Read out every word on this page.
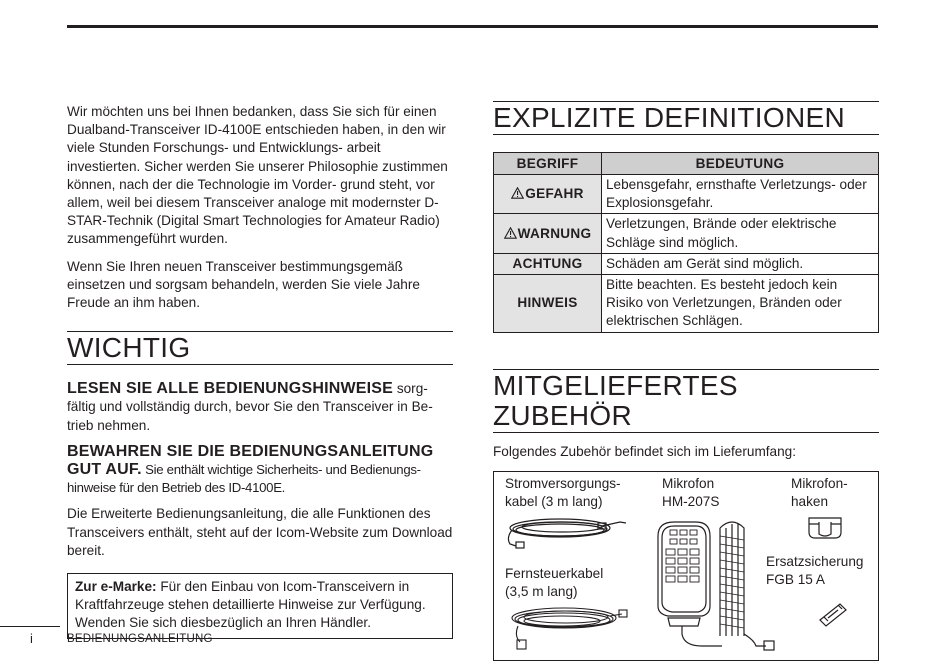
Wir möchten uns bei Ihnen bedanken, dass Sie sich für einen Dualband-Transceiver ID-4100E entschieden haben, in den wir viele Stunden Forschungs- und Entwicklungs- arbeit investierten. Sicher werden Sie unserer Philosophie zustimmen können, nach der die Technologie im Vorder- grund steht, vor allem, weil bei diesem Transceiver analoge mit modernster D-STAR-Technik (Digital Smart Technologies for Amateur Radio) zusammengeführt wurden.

Wenn Sie Ihren neuen Transceiver bestimmungsgemäß einsetzen und sorgsam behandeln, werden Sie viele Jahre Freude an ihm haben.

WICHTIG

LESEN SIE ALLE BEDIENUNGSHINWEISE sorg- fältig und vollständig durch, bevor Sie den Transceiver in Be- trieb nehmen.

BEWAHREN SIE DIE BEDIENUNGSANLEITUNG GUT AUF. Sie enthält wichtige Sicherheits- und Bedienungs- hinweise für den Betrieb des ID-4100E.

Die Erweiterte Bedienungsanleitung, die alle Funktionen des Transceivers enthält, steht auf der Icom-Website zum Download bereit.

Zur e-Marke: Für den Einbau von Icom-Transceivern in Kraftfahrzeuge stehen detaillierte Hinweise zur Verfügung. Wenden Sie sich diesbezüglich an Ihren Händler.
EXPLIZITE DEFINITIONEN
BEGRIFF	BEDEUTUNG
GEFAHR	Lebensgefahr, ernsthafte Verletzungs- oder Explosionsgefahr.
WARNUNG	Verletzungen, Brände oder elektrische Schläge sind möglich.
ACHTUNG	Schäden am Gerät sind möglich.
HINWEIS	Bitte beachten. Es besteht jedoch kein Risiko von Verletzungen, Bränden oder elektrischen Schlägen.
MITGELIEFERTES ZUBEHÖR

Folgendes Zubehör befindet sich im Lieferumfang:

Stromversorgungs- kabel (3 m lang)
Mikrofon HM-207S
Mikrofon- haken
Fernsteuerkabel (3,5 m lang)
Ersatzsicherung FGB 15 A
i	BEDIENUNGSANLEITUNG
